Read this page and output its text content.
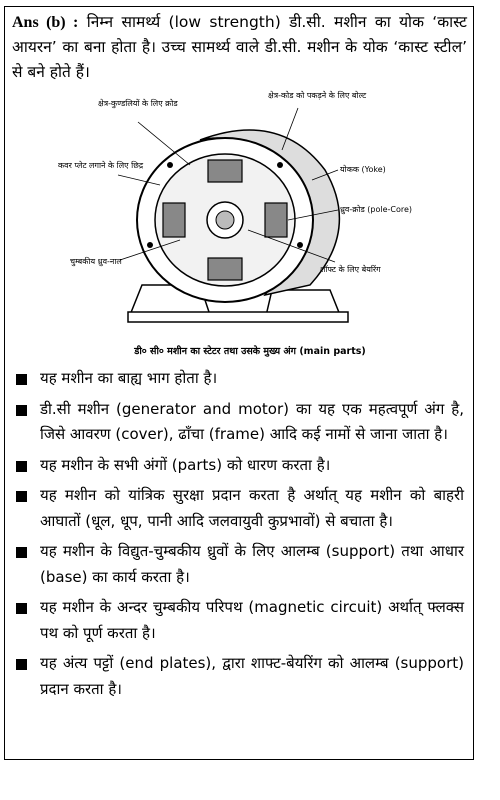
Ans (b) : निम्न सामर्थ्य (low strength) डी.सी. मशीन का योक ‘कास्ट आयरन’ का बना होता है। उच्च सामर्थ्य वाले डी.सी. मशीन के योक ‘कास्ट स्टील’ से बने होते हैं।
क्षेत्र-कुण्डलियों के लिए क्रोड
कवर प्लेट लगाने के लिए छिद्र
क्षेत्र-कोड को पकड़ने के लिए बोल्ट
योकक (Yoke)
ध्रुव-क्रोड (pole-Core)
शॉफ्ट के लिए बेयरिंग
चुम्बकीय ध्रुव-नाल
डी० सी० मशीन का स्टेटर तथा उसके मुख्य अंग (main parts)
यह मशीन का बाह्य भाग होता है।
डी.सी मशीन (generator and motor) का यह एक महत्वपूर्ण अंग है, जिसे आवरण (cover), ढाँचा (frame) आदि कई नामों से जाना जाता है।
यह मशीन के सभी अंगों (parts) को धारण करता है।
यह मशीन को यांत्रिक सुरक्षा प्रदान करता है अर्थात् यह मशीन को बाहरी आघातों (धूल, धूप, पानी आदि जलवायुवी कुप्रभावों) से बचाता है।
यह मशीन के विद्युत-चुम्बकीय ध्रुवों के लिए आलम्ब (support) तथा आधार (base) का कार्य करता है।
यह मशीन के अन्दर चुम्बकीय परिपथ (magnetic circuit) अर्थात् फ्लक्स पथ को पूर्ण करता है।
यह अंत्य पट्टों (end plates), द्वारा शाफ्ट-बेयरिंग को आलम्ब (support) प्रदान करता है।
